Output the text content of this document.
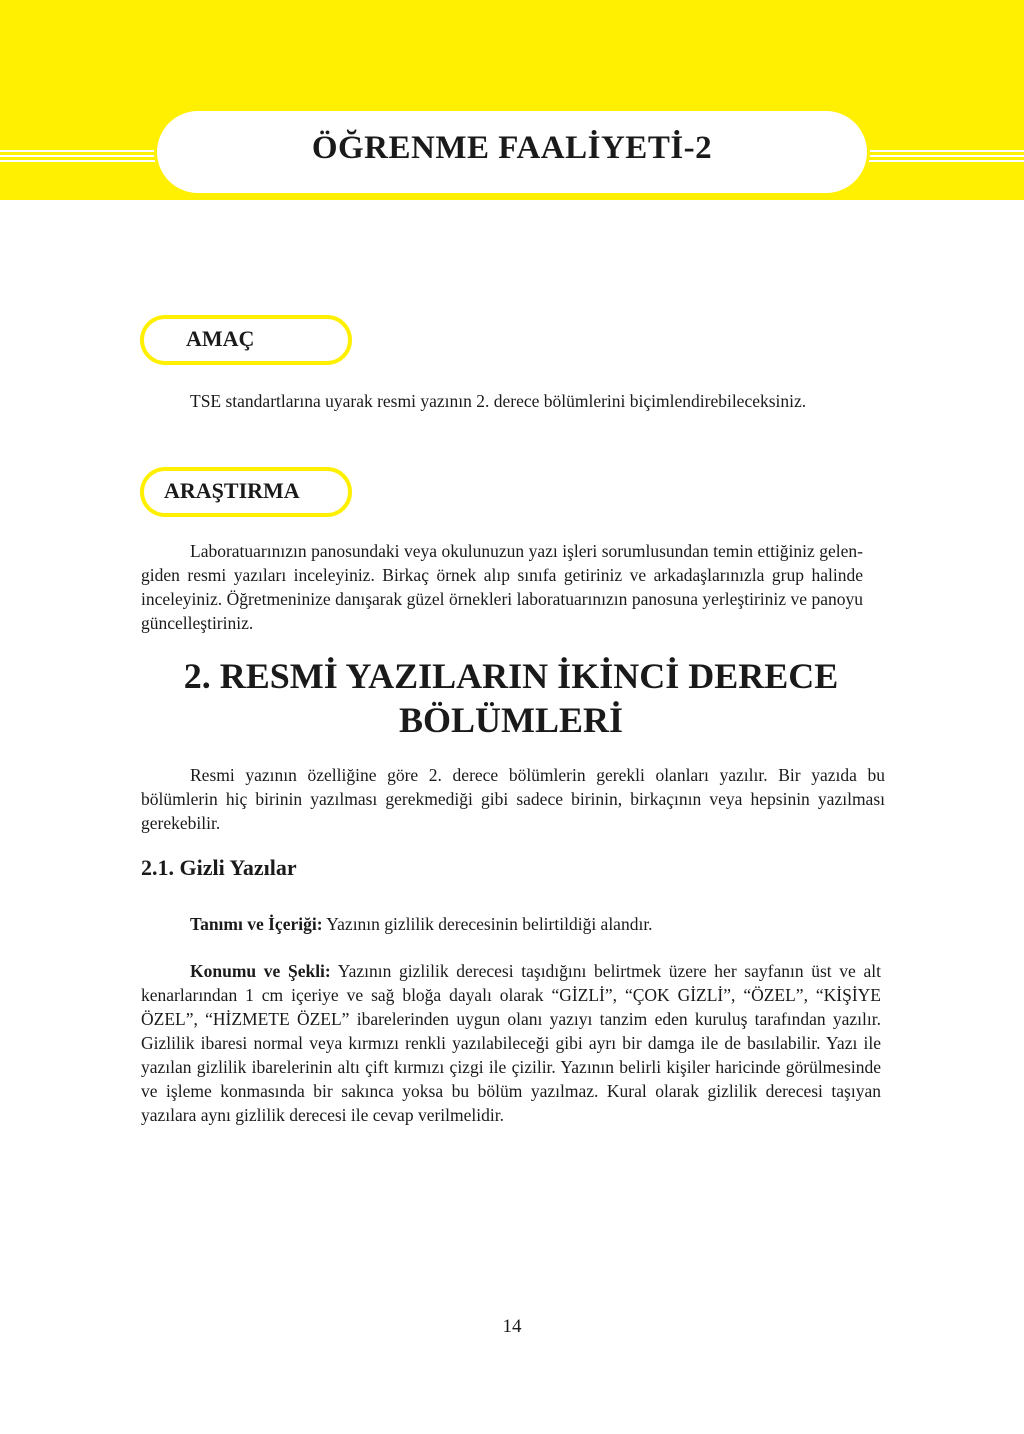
ÖĞRENME FAALİYETİ-2
AMAÇ
TSE standartlarına uyarak resmi yazının 2. derece bölümlerini biçimlendirebileceksiniz.
ARAŞTIRMA
Laboratuarınızın panosundaki veya okulunuzun yazı işleri sorumlusundan temin ettiğiniz gelen-giden resmi yazıları inceleyiniz. Birkaç örnek alıp sınıfa getiriniz ve arkadaşlarınızla grup halinde inceleyiniz. Öğretmeninize danışarak güzel örnekleri laboratuarınızın panosuna yerleştiriniz ve panoyu güncelleştiriniz.
2. RESMİ YAZILARIN İKİNCİ DERECE
BÖLÜMLERİ
Resmi yazının özelliğine göre 2. derece bölümlerin gerekli olanları yazılır. Bir yazıda bu bölümlerin hiç birinin yazılması gerekmediği gibi sadece birinin, birkaçının veya hepsinin yazılması gerekebilir.
2.1. Gizli Yazılar
Tanımı ve İçeriği: Yazının gizlilik derecesinin belirtildiği alandır.
Konumu ve Şekli: Yazının gizlilik derecesi taşıdığını belirtmek üzere her sayfanın üst ve alt kenarlarından 1 cm içeriye ve sağ bloğa dayalı olarak “GİZLİ”, “ÇOK GİZLİ”, “ÖZEL”, “KİŞİYE ÖZEL”, “HİZMETE ÖZEL” ibarelerinden uygun olanı yazıyı tanzim eden kuruluş tarafından yazılır. Gizlilik ibaresi normal veya kırmızı renkli yazılabileceği gibi ayrı bir damga ile de basılabilir. Yazı ile yazılan gizlilik ibarelerinin altı çift kırmızı çizgi ile çizilir. Yazının belirli kişiler haricinde görülmesinde ve işleme konmasında bir sakınca yoksa bu bölüm yazılmaz. Kural olarak gizlilik derecesi taşıyan yazılara aynı gizlilik derecesi ile cevap verilmelidir.
14
